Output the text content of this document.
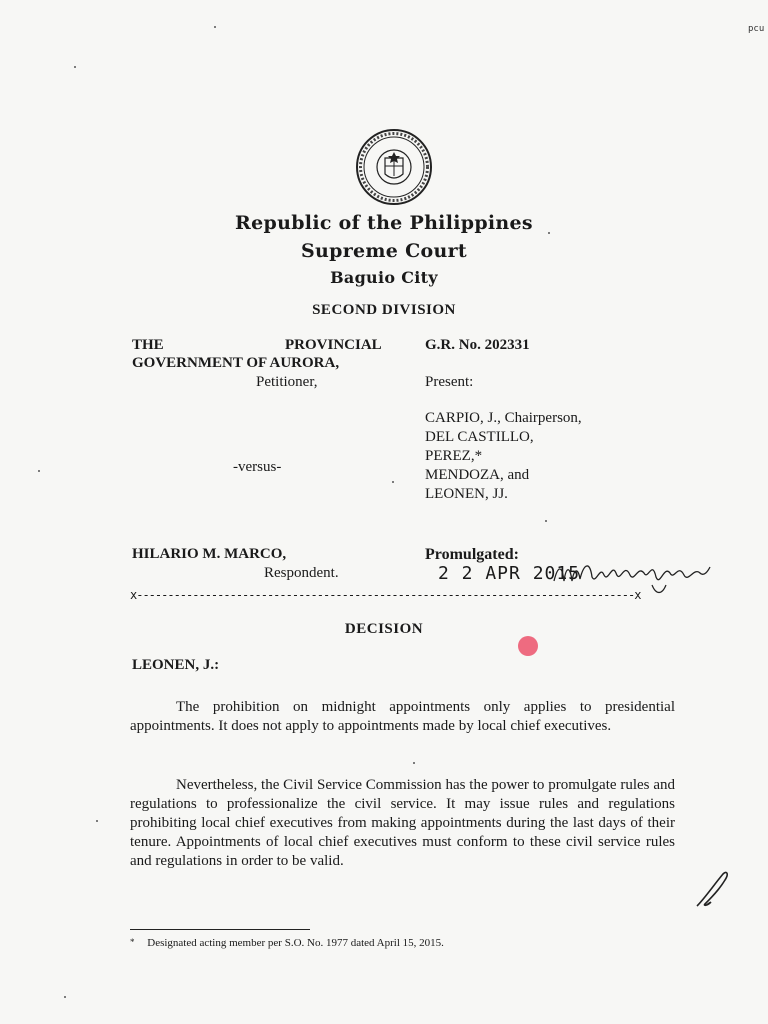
pcu
Republic of the Philippines
Supreme Court
Baguio City
SECOND DIVISION
THE	PROVINCIAL
GOVERNMENT OF AURORA,
Petitioner,
G.R. No. 202331
Present:
CARPIO, J., Chairperson,
DEL CASTILLO,
PEREZ,*
MENDOZA, and
LEONEN, JJ.
-versus-
HILARIO M. MARCO,
Respondent.
Promulgated:
2 2 APR 2015
x--------------------------------------------------------------------------------x
DECISION
LEONEN, J.:

The prohibition on midnight appointments only applies to presidential appointments. It does not apply to appointments made by local chief executives.

Nevertheless, the Civil Service Commission has the power to promulgate rules and regulations to professionalize the civil service. It may issue rules and regulations prohibiting local chief executives from making appointments during the last days of their tenure. Appointments of local chief executives must conform to these civil service rules and regulations in order to be valid.

* Designated acting member per S.O. No. 1977 dated April 15, 2015.
